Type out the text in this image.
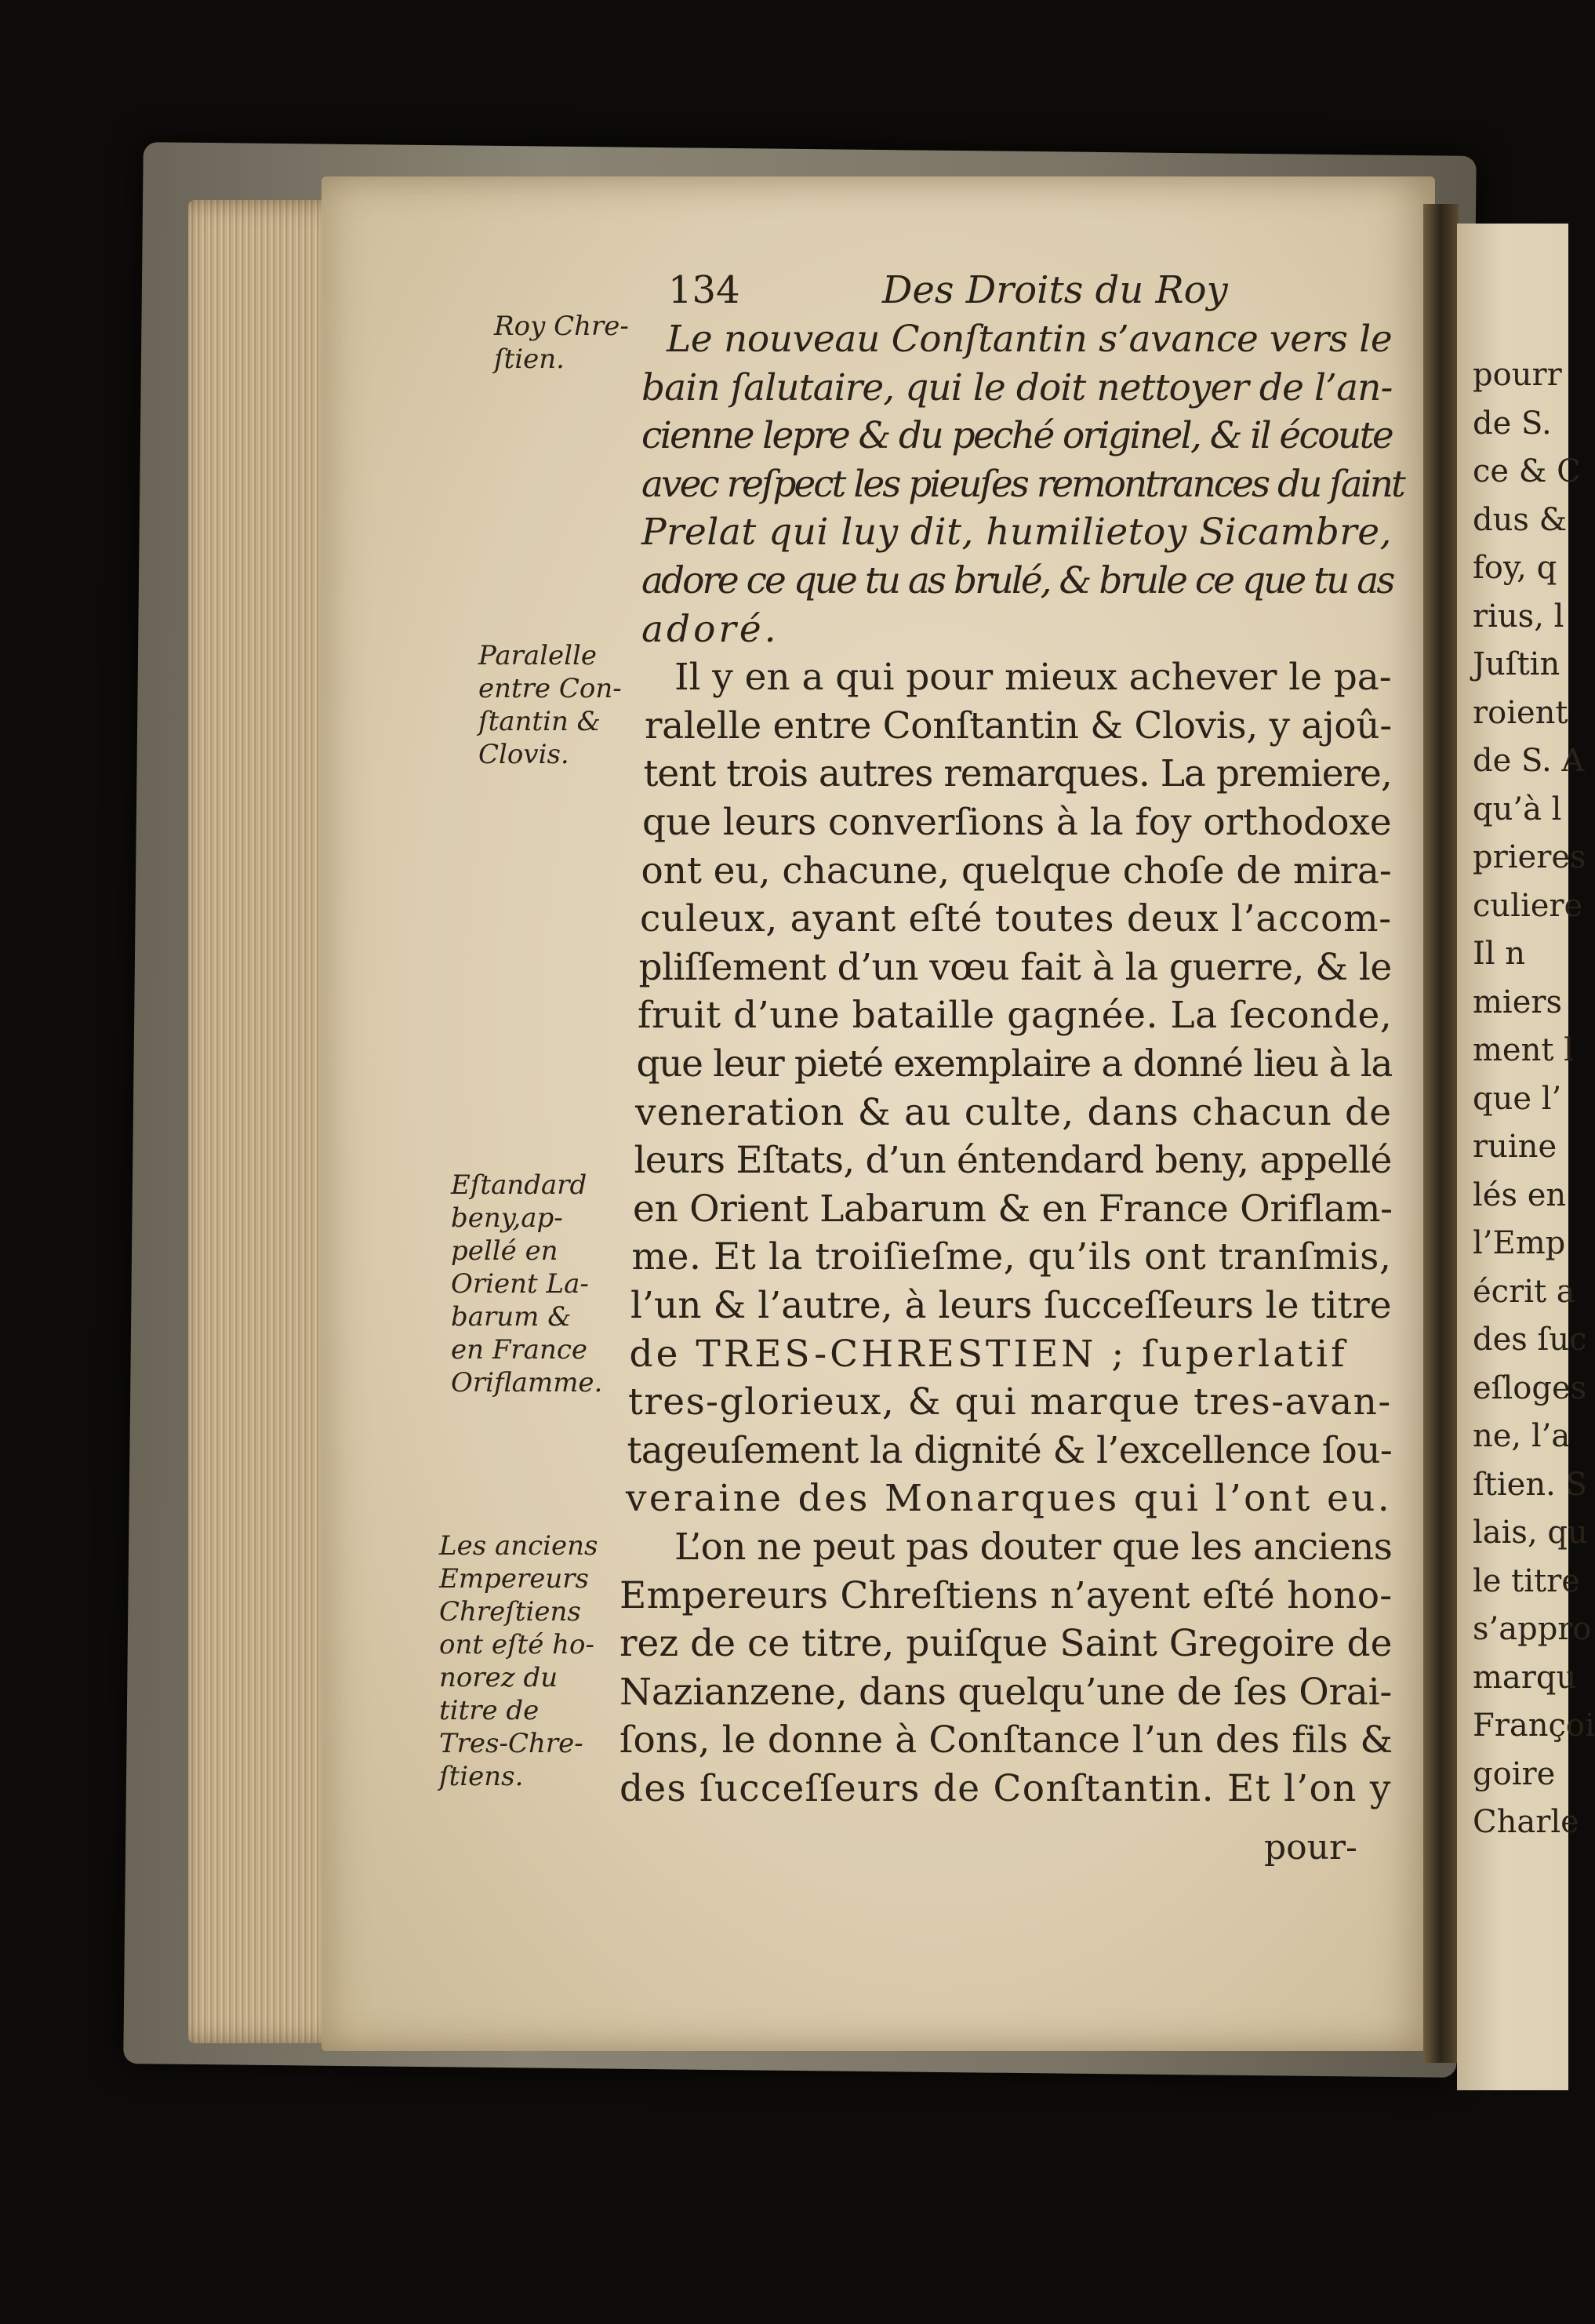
134	Des Droits du Roy
Le nouveau Conſtantin s’avance vers le
bain ſalutaire, qui le doit nettoyer de l’an-
cienne lepre & du peché originel, & il écoute
avec reſpect les pieuſes remontrances du ſaint
Prelat qui luy dit, humilietoy Sicambre,
adore ce que tu as brulé, & brule ce que tu as
adoré.
Il y en a qui pour mieux achever le pa-
ralelle entre Conſtantin & Clovis, y ajoû-
tent trois autres remarques. La premiere,
que leurs converſions à la foy orthodoxe
ont eu, chacune, quelque choſe de mira-
culeux, ayant eſté toutes deux l’accom-
pliſſement d’un vœu fait à la guerre, & le
fruit d’une bataille gagnée. La ſeconde,
que leur pieté exemplaire a donné lieu à la
veneration & au culte, dans chacun de
leurs Eſtats, d’un éntendard beny, appellé
en Orient Labarum & en France Oriflam-
me. Et la troiſieſme, qu’ils ont tranſmis,
l’un & l’autre, à leurs ſucceſſeurs le titre
de TRES-CHRESTIEN ; ſuperlatif
tres-glorieux, & qui marque tres-avan-
tageuſement la dignité & l’excellence ſou-
veraine des Monarques qui l’ont eu.
L’on ne peut pas douter que les anciens
Empereurs Chreſtiens n’ayent eſté hono-
rez de ce titre, puiſque Saint Gregoire de
Nazianzene, dans quelqu’une de ſes Orai-
ſons, le donne à Conſtance l’un des fils &
des ſucceſſeurs de Conſtantin. Et l’on y
pour-
Roy Chre-
ſtien.
Paralelle
entre Con-
ſtantin &
Clovis.
Eſtandard
beny,ap-
pellé en
Orient La-
barum &
en France
Oriflamme.
Les anciens
Empereurs
Chreſtiens
ont eſté ho-
norez du
titre de
Tres-Chre-
ſtiens.
pourr
de S.
ce & C
dus &
foy, q
rius, l
Juſtin
roient
de S. A
qu’à l
prieres
culiere
Il n
miers
ment l
que l’
ruine
lés en
l’Emp
écrit a
des ſuc
eſloges
ne, l’a
ſtien. S
lais, qu
le titre
s’appro
marqu
Françoi
goire
Charle
